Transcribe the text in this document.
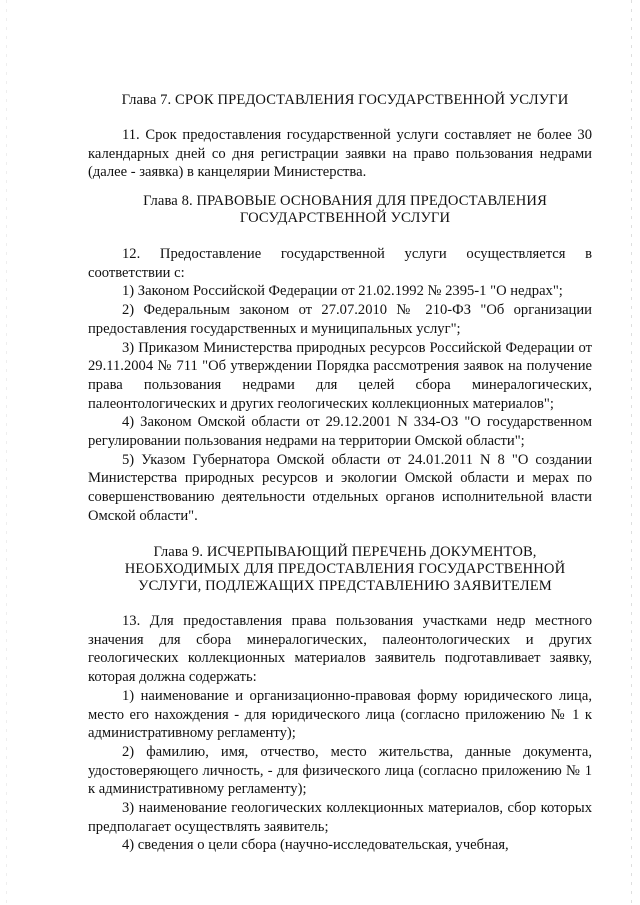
Глава 7. СРОК ПРЕДОСТАВЛЕНИЯ ГОСУДАРСТВЕННОЙ УСЛУГИ
11. Срок предоставления государственной услуги составляет не более 30 календарных дней со дня регистрации заявки на право пользования недрами (далее - заявка) в канцелярии Министерства.
Глава 8. ПРАВОВЫЕ ОСНОВАНИЯ ДЛЯ ПРЕДОСТАВЛЕНИЯ
ГОСУДАРСТВЕННОЙ УСЛУГИ
12. Предоставление государственной услуги осуществляется в соответствии с:
1) Законом Российской Федерации от 21.02.1992 № 2395-1 "О недрах";
2) Федеральным законом от 27.07.2010 № 210-ФЗ "Об организации предоставления государственных и муниципальных услуг";
3) Приказом Министерства природных ресурсов Российской Федерации от 29.11.2004 № 711 "Об утверждении Порядка рассмотрения заявок на получение права пользования недрами для целей сбора минералогических, палеонтологических и других геологических коллекционных материалов";
4) Законом Омской области от 29.12.2001 N 334-ОЗ "О государственном регулировании пользования недрами на территории Омской области";
5) Указом Губернатора Омской области от 24.01.2011 N 8 "О создании Министерства природных ресурсов и экологии Омской области и мерах по совершенствованию деятельности отдельных органов исполнительной власти Омской области".
Глава 9. ИСЧЕРПЫВАЮЩИЙ ПЕРЕЧЕНЬ ДОКУМЕНТОВ,
НЕОБХОДИМЫХ ДЛЯ ПРЕДОСТАВЛЕНИЯ ГОСУДАРСТВЕННОЙ
УСЛУГИ, ПОДЛЕЖАЩИХ ПРЕДСТАВЛЕНИЮ ЗАЯВИТЕЛЕМ
13. Для предоставления права пользования участками недр местного значения для сбора минералогических, палеонтологических и других геологических коллекционных материалов заявитель подготавливает заявку, которая должна содержать:
1) наименование и организационно-правовая форму юридического лица, место его нахождения - для юридического лица (согласно приложению № 1 к административному регламенту);
2) фамилию, имя, отчество, место жительства, данные документа, удостоверяющего личность, - для физического лица (согласно приложению № 1 к административному регламенту);
3) наименование геологических коллекционных материалов, сбор которых предполагает осуществлять заявитель;
4) сведения о цели сбора (научно-исследовательская, учебная,
